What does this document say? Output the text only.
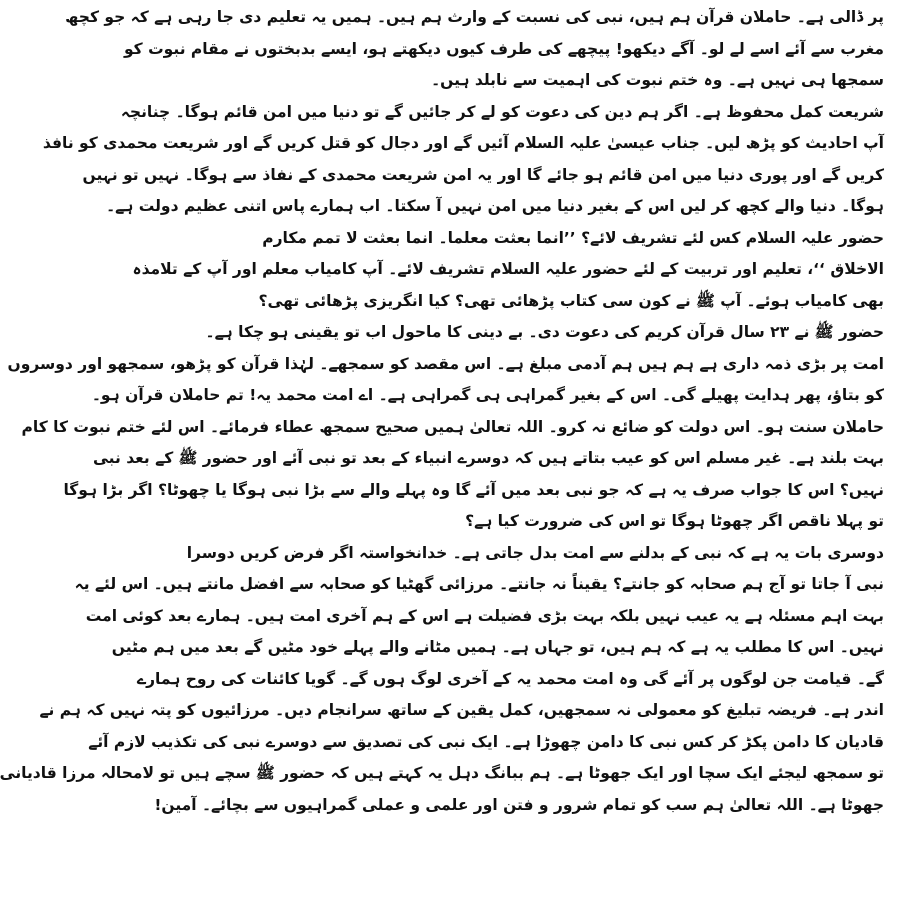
پر ڈالی ہے۔ حاملان قرآن ہم ہیں، نبی کی نسبت کے وارث ہم ہیں۔ ہمیں یہ تعلیم دی جا رہی ہے کہ جو کچھ
مغرب سے آئے اسے لے لو۔ آگے دیکھو! پیچھے کی طرف کیوں دیکھتے ہو، ایسے بدبختوں نے مقام نبوت کو
سمجھا ہی نہیں ہے۔ وہ ختم نبوت کی اہمیت سے نابلد ہیں۔
شریعت کمل محفوظ ہے۔ اگر ہم دین کی دعوت کو لے کر جائیں گے تو دنیا میں امن قائم ہوگا۔ چنانچہ
آپ احادیث کو پڑھ لیں۔ جناب عیسیٰ علیہ السلام آئیں گے اور دجال کو قتل کریں گے اور شریعت محمدی کو نافذ
کریں گے اور پوری دنیا میں امن قائم ہو جائے گا اور یہ امن شریعت محمدی کے نفاذ سے ہوگا۔ نہیں تو نہیں
ہوگا۔ دنیا والے کچھ کر لیں اس کے بغیر دنیا میں امن نہیں آ سکتا۔ اب ہمارے پاس اتنی عظیم دولت ہے۔
حضور علیہ السلام کس لئے تشریف لائے؟ ’’انما بعثت معلما۔ انما بعثت لا تمم مکارم
الاخلاق ‘‘، تعلیم اور تربیت کے لئے حضور علیہ السلام تشریف لائے۔ آپ کامیاب معلم اور آپ کے تلامذہ
بھی کامیاب ہوئے۔ آپ ﷺ نے کون سی کتاب پڑھائی تھی؟ کیا انگریزی پڑھائی تھی؟
حضور ﷺ نے ۲۳ سال قرآن کریم کی دعوت دی۔ بے دینی کا ماحول اب تو یقینی ہو چکا ہے۔
امت پر بڑی ذمہ داری ہے ہم ہیں ہم آدمی مبلغ ہے۔ اس مقصد کو سمجھے۔ لہٰذا قرآن کو پڑھو، سمجھو اور دوسروں
کو بتاؤ، پھر ہدایت پھیلے گی۔ اس کے بغیر گمراہی ہی گمراہی ہے۔ اے امت محمد یہ! تم حاملان قرآن ہو۔
حاملان سنت ہو۔ اس دولت کو ضائع نہ کرو۔ اللہ تعالیٰ ہمیں صحیح سمجھ عطاء فرمائے۔ اس لئے ختم نبوت کا کام
بہت بلند ہے۔ غیر مسلم اس کو عیب بتاتے ہیں کہ دوسرے انبیاء کے بعد تو نبی آئے اور حضور ﷺ کے بعد نبی
نہیں؟ اس کا جواب صرف یہ ہے کہ جو نبی بعد میں آئے گا وہ پہلے والے سے بڑا نبی ہوگا یا چھوٹا؟ اگر بڑا ہوگا
تو پہلا ناقص اگر چھوٹا ہوگا تو اس کی ضرورت کیا ہے؟
دوسری بات یہ ہے کہ نبی کے بدلنے سے امت بدل جاتی ہے۔ خدانخواستہ اگر فرض کریں دوسرا
نبی آ جاتا تو آج ہم صحابہ کو جانتے؟ یقیناً نہ جانتے۔ مرزائی گھٹیا کو صحابہ سے افضل مانتے ہیں۔ اس لئے یہ
بہت اہم مسئلہ ہے یہ عیب نہیں بلکہ بہت بڑی فضیلت ہے اس کے ہم آخری امت ہیں۔ ہمارے بعد کوئی امت
نہیں۔ اس کا مطلب یہ ہے کہ ہم ہیں، تو جہاں ہے۔ ہمیں مٹانے والے پہلے خود مٹیں گے بعد میں ہم مٹیں
گے۔ قیامت جن لوگوں پر آئے گی وہ امت محمد یہ کے آخری لوگ ہوں گے۔ گویا کائنات کی روح ہمارے
اندر ہے۔ فریضہ تبلیغ کو معمولی نہ سمجھیں، کمل یقین کے ساتھ سرانجام دیں۔ مرزائیوں کو پتہ نہیں کہ ہم نے
قادیان کا دامن پکڑ کر کس نبی کا دامن چھوڑا ہے۔ ایک نبی کی تصدیق سے دوسرے نبی کی تکذیب لازم آئے
تو سمجھ لیجئے ایک سچا اور ایک جھوٹا ہے۔ ہم ببانگ دہل یہ کہتے ہیں کہ حضور ﷺ سچے ہیں تو لامحالہ مرزا قادیانی
جھوٹا ہے۔ اللہ تعالیٰ ہم سب کو تمام شرور و فتن اور علمی و عملی گمراہیوں سے بچائے۔ آمین!
